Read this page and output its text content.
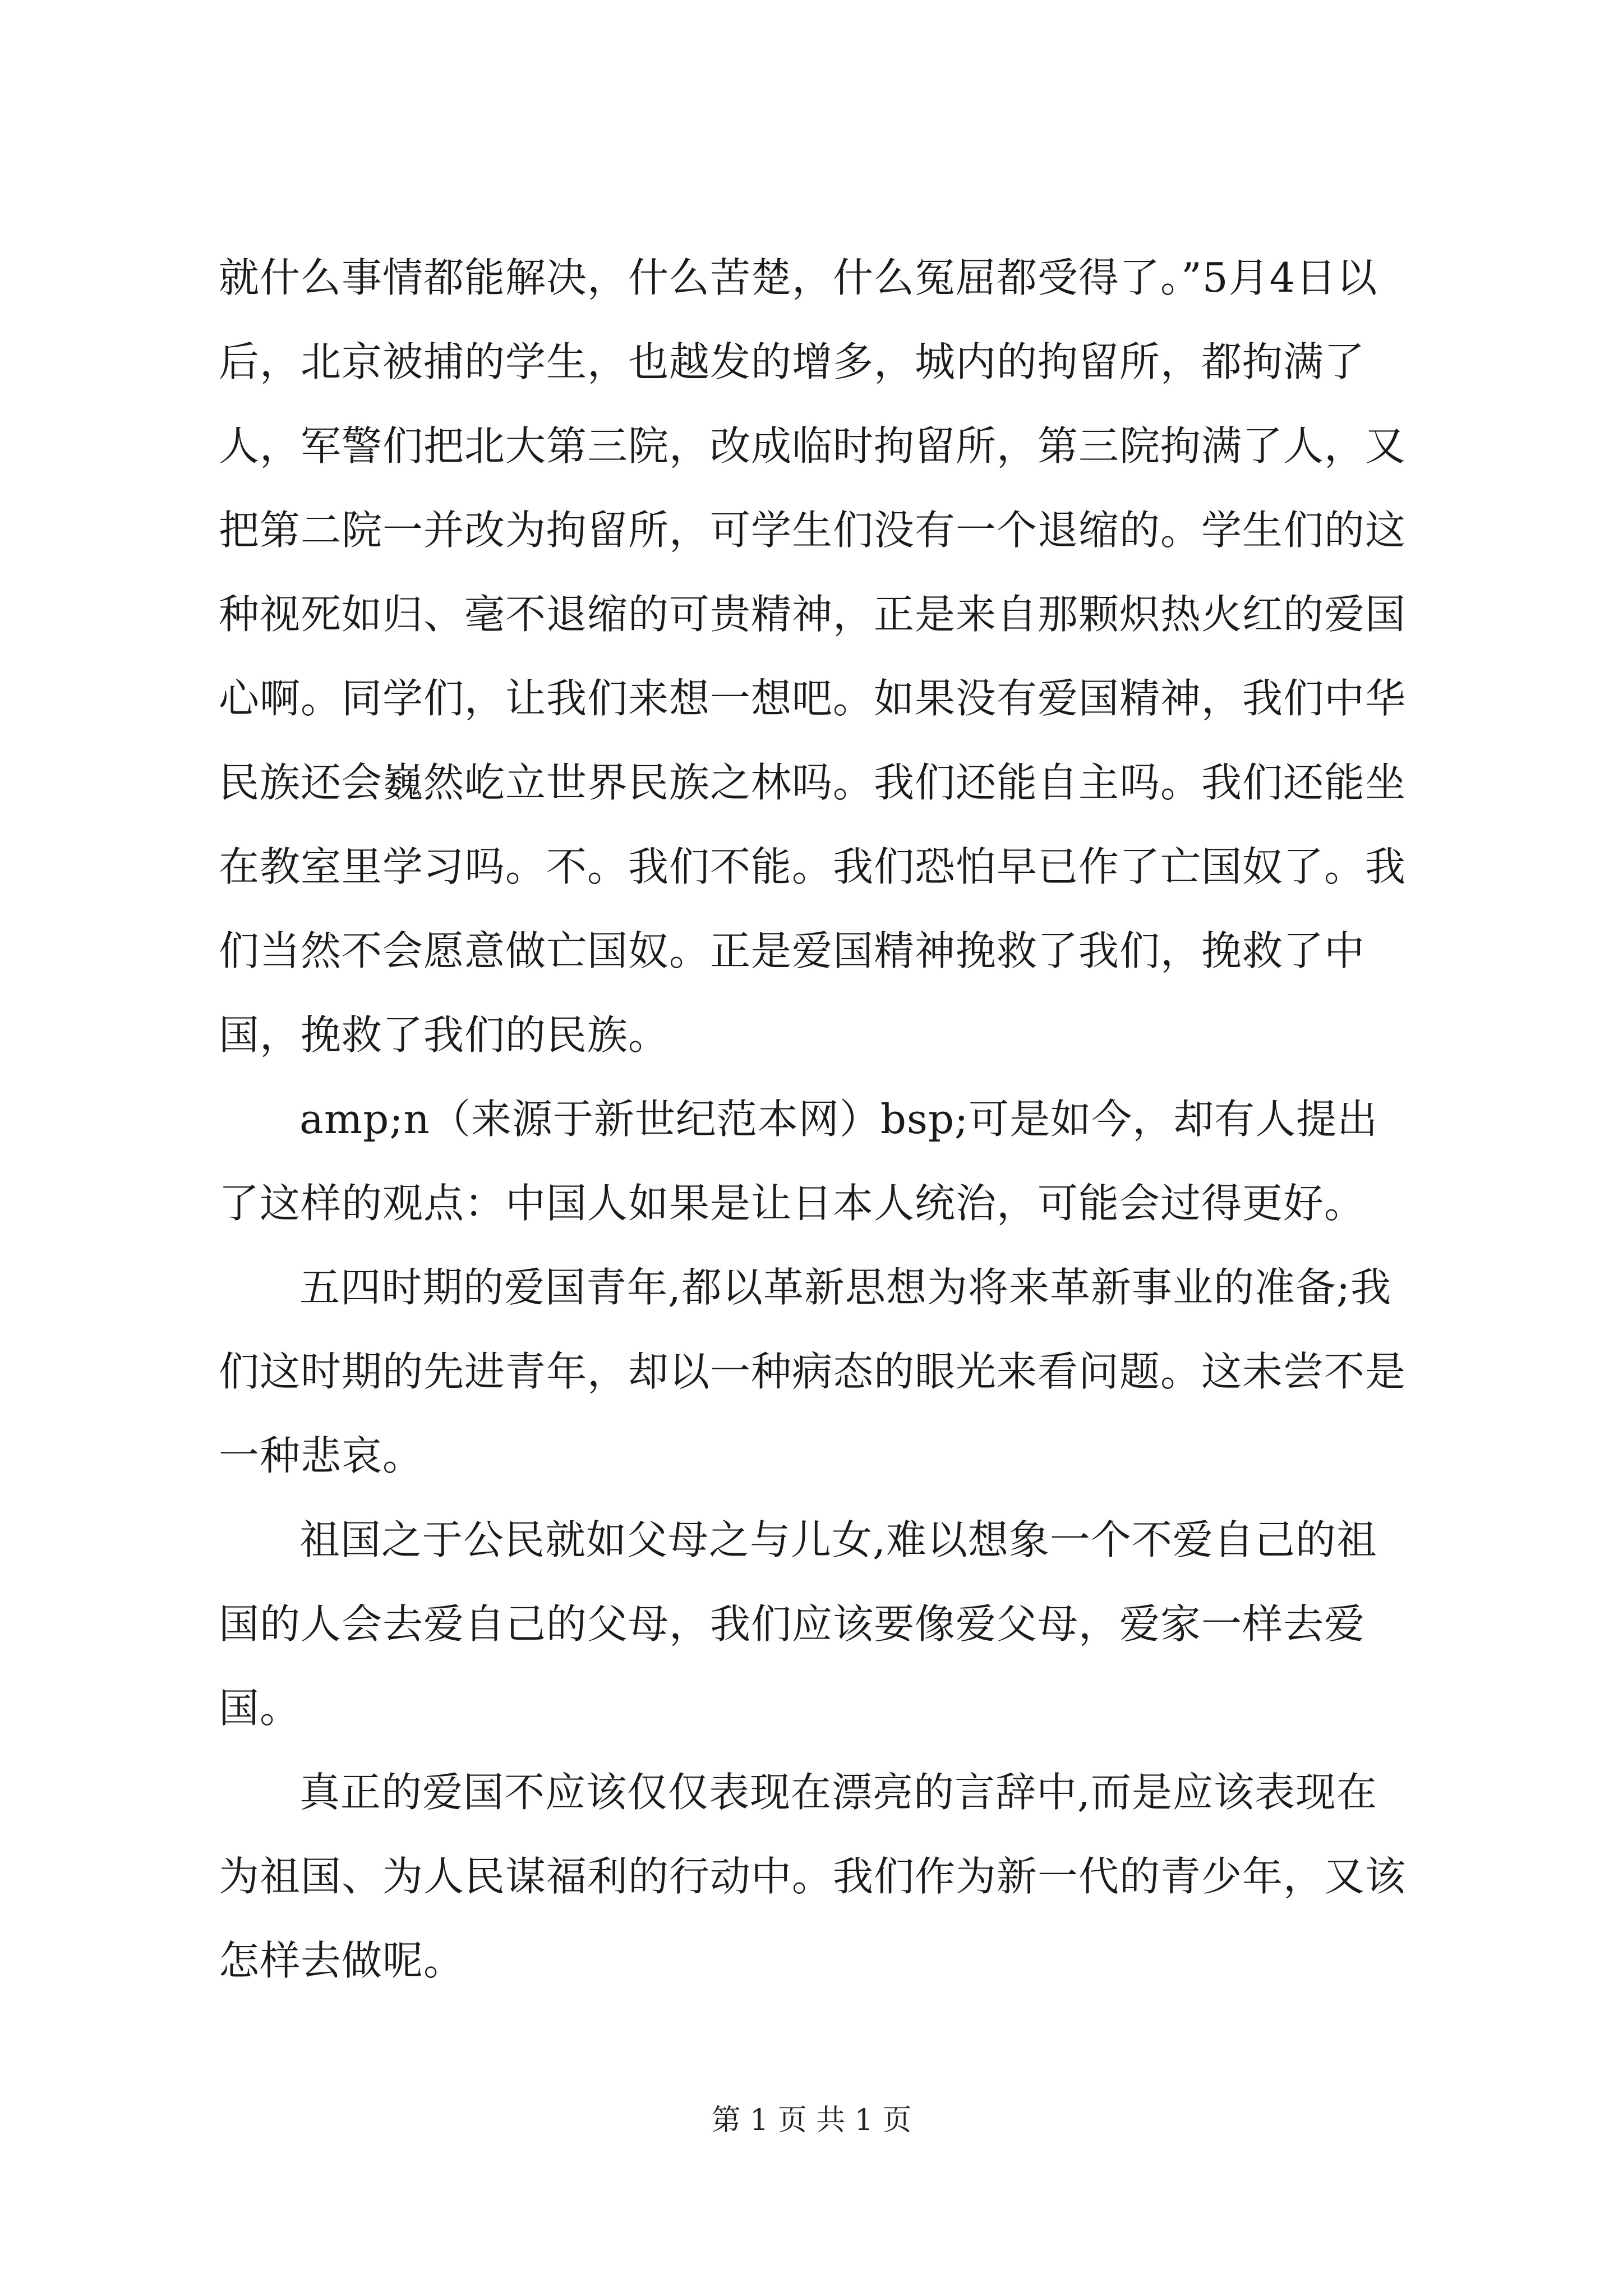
就什么事情都能解决，什么苦楚，什么冤屈都受得了。”5月4日以后，北京被捕的学生，也越发的增多，城内的拘留所，都拘满了人，军警们把北大第三院，改成临时拘留所，第三院拘满了人，又把第二院一并改为拘留所，可学生们没有一个退缩的。学生们的这种视死如归、毫不退缩的可贵精神，正是来自那颗炽热火红的爱国心啊。同学们，让我们来想一想吧。如果没有爱国精神，我们中华民族还会巍然屹立世界民族之林吗。我们还能自主吗。我们还能坐在教室里学习吗。不。我们不能。我们恐怕早已作了亡国奴了。我们当然不会愿意做亡国奴。正是爱国精神挽救了我们，挽救了中国，挽救了我们的民族。

amp;n（来源于新世纪范本网）bsp;可是如今，却有人提出了这样的观点：中国人如果是让日本人统治，可能会过得更好。

五四时期的爱国青年,都以革新思想为将来革新事业的准备;我们这时期的先进青年，却以一种病态的眼光来看问题。这未尝不是一种悲哀。

祖国之于公民就如父母之与儿女,难以想象一个不爱自己的祖国的人会去爱自己的父母，我们应该要像爱父母，爱家一样去爱国。

真正的爱国不应该仅仅表现在漂亮的言辞中,而是应该表现在为祖国、为人民谋福利的行动中。我们作为新一代的青少年，又该怎样去做呢。

第 1 页 共 1 页
